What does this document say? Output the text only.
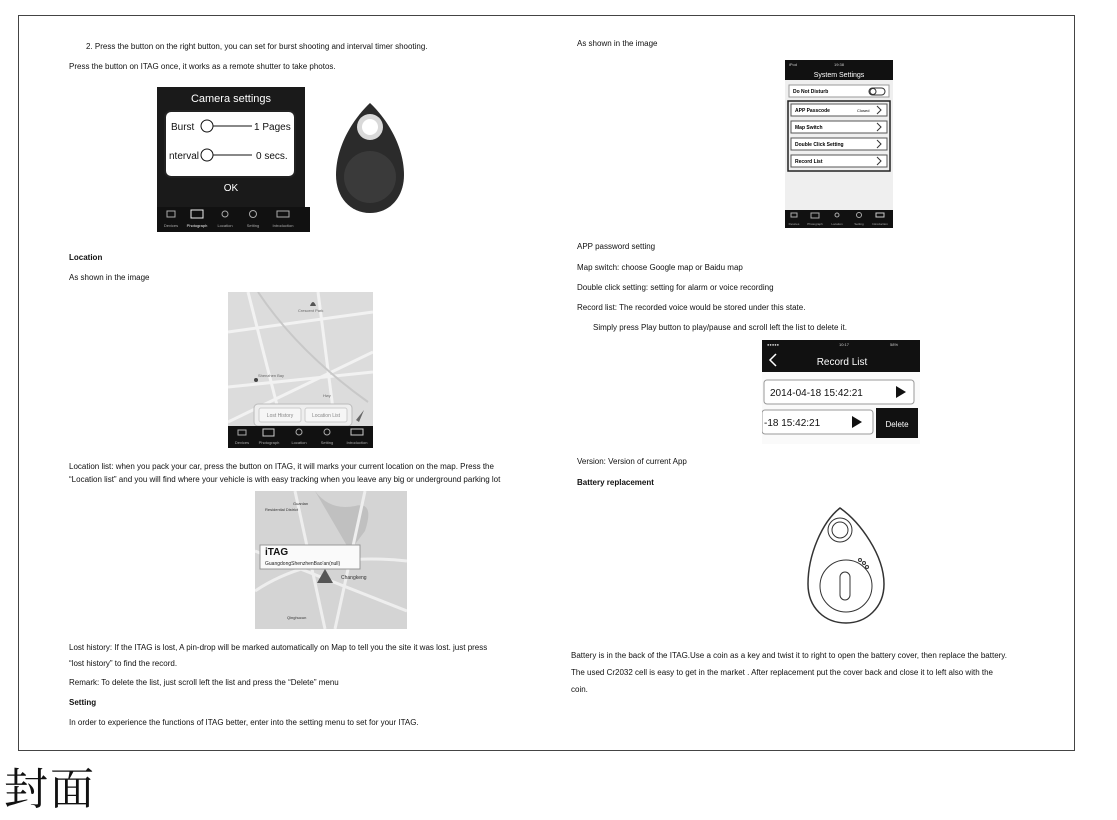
2. Press the button on the right button, you can set for burst shooting and interval timer shooting.
Press the button on ITAG once, it works as a remote shutter to take photos.
Camera settings
Burst	1 Pages
nterval	0 secs.
OK
Devices Photograph	Location	Setting	Introduction
Location
As shown in the image
Crescent Park
Shenzhen Bay
Hwy
Lost History	Location List
Devices Photograph	Location	Setting	Introduction
Location list: when you pack your car, press the button on ITAG, it will marks your current location on the map. Press the
“Location list” and you will find where your vehicle is with easy tracking when you leave any big or underground parking lot
Guanlan
Residential District
iTAG
GuangdongShenzhenBao'an(null)
Changkeng
Qinghucun
Lost history: If the ITAG is lost, A pin-drop will be marked automatically on Map to tell you the site it was lost. just press
“lost history” to find the record.
Remark: To delete the list, just scroll left the list and press the “Delete” menu
Setting
In order to experience the functions of ITAG better, enter into the setting menu to set for your ITAG.
As shown in the image
iPod	19:38
System Settings
Do Not Disturb
APP Passcode	Closed
Map Switch
Double Click Setting
Record List
Devices	Photograph	Location	Setting	Introduction
APP password setting
Map switch: choose Google map or Baidu map
Double click setting: setting for alarm or voice recording
Record list: The recorded voice would be stored under this state.
Simply press Play button to play/pause and scroll left the list to delete it.
●●●●●	10:17	58%
Record List
2014-04-18 15:42:21
-18 15:42:21	Delete
Version: Version of current App
Battery replacement
Battery is in the back of the ITAG.Use a coin as a key and twist it to right to open the battery cover, then replace the battery.
The used Cr2032 cell is easy to get in the market . After replacement put the cover back and close it to left also with the
coin.
封面
